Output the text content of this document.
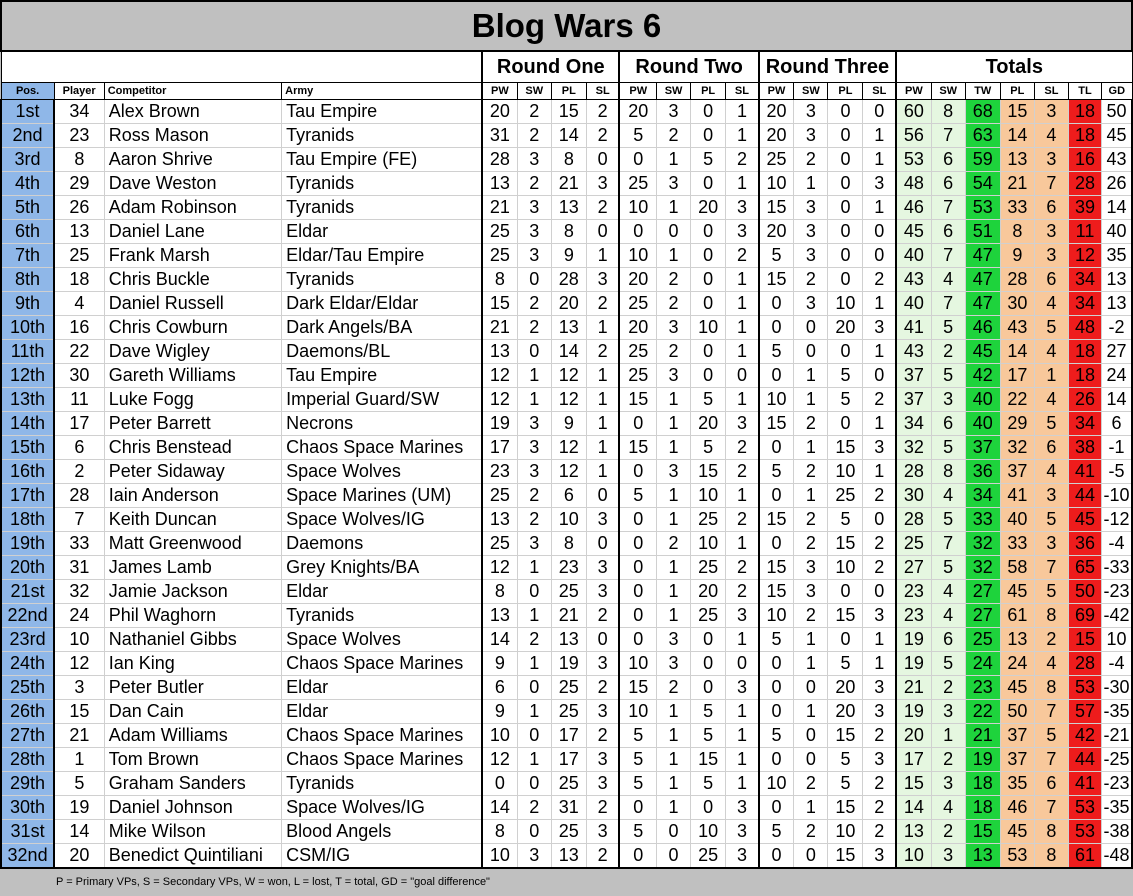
Blog Wars 6																						
				Round One				Round Two				Round Three				Totals						
Pos.	Player	Competitor	Army	PW	SW	PL	SL	PW	SW	PL	SL	PW	SW	PL	SL	PW	SW	TW	PL	SL	TL	GD
1st	34	Alex Brown	Tau Empire	20	2	15	2	20	3	0	1	20	3	0	0	60	8	68	15	3	18	50
2nd	23	Ross Mason	Tyranids	31	2	14	2	5	2	0	1	20	3	0	1	56	7	63	14	4	18	45
3rd	8	Aaron Shrive	Tau Empire (FE)	28	3	8	0	0	1	5	2	25	2	0	1	53	6	59	13	3	16	43
4th	29	Dave Weston	Tyranids	13	2	21	3	25	3	0	1	10	1	0	3	48	6	54	21	7	28	26
5th	26	Adam Robinson	Tyranids	21	3	13	2	10	1	20	3	15	3	0	1	46	7	53	33	6	39	14
6th	13	Daniel Lane	Eldar	25	3	8	0	0	0	0	3	20	3	0	0	45	6	51	8	3	11	40
7th	25	Frank Marsh	Eldar/Tau Empire	25	3	9	1	10	1	0	2	5	3	0	0	40	7	47	9	3	12	35
8th	18	Chris Buckle	Tyranids	8	0	28	3	20	2	0	1	15	2	0	2	43	4	47	28	6	34	13
9th	4	Daniel Russell	Dark Eldar/Eldar	15	2	20	2	25	2	0	1	0	3	10	1	40	7	47	30	4	34	13
10th	16	Chris Cowburn	Dark Angels/BA	21	2	13	1	20	3	10	1	0	0	20	3	41	5	46	43	5	48	-2
11th	22	Dave Wigley	Daemons/BL	13	0	14	2	25	2	0	1	5	0	0	1	43	2	45	14	4	18	27
12th	30	Gareth Williams	Tau Empire	12	1	12	1	25	3	0	0	0	1	5	0	37	5	42	17	1	18	24
13th	11	Luke Fogg	Imperial Guard/SW	12	1	12	1	15	1	5	1	10	1	5	2	37	3	40	22	4	26	14
14th	17	Peter Barrett	Necrons	19	3	9	1	0	1	20	3	15	2	0	1	34	6	40	29	5	34	6
15th	6	Chris Benstead	Chaos Space Marines	17	3	12	1	15	1	5	2	0	1	15	3	32	5	37	32	6	38	-1
16th	2	Peter Sidaway	Space Wolves	23	3	12	1	0	3	15	2	5	2	10	1	28	8	36	37	4	41	-5
17th	28	Iain Anderson	Space Marines (UM)	25	2	6	0	5	1	10	1	0	1	25	2	30	4	34	41	3	44	-10
18th	7	Keith Duncan	Space Wolves/IG	13	2	10	3	0	1	25	2	15	2	5	0	28	5	33	40	5	45	-12
19th	33	Matt Greenwood	Daemons	25	3	8	0	0	2	10	1	0	2	15	2	25	7	32	33	3	36	-4
20th	31	James Lamb	Grey Knights/BA	12	1	23	3	0	1	25	2	15	3	10	2	27	5	32	58	7	65	-33
21st	32	Jamie Jackson	Eldar	8	0	25	3	0	1	20	2	15	3	0	0	23	4	27	45	5	50	-23
22nd	24	Phil Waghorn	Tyranids	13	1	21	2	0	1	25	3	10	2	15	3	23	4	27	61	8	69	-42
23rd	10	Nathaniel Gibbs	Space Wolves	14	2	13	0	0	3	0	1	5	1	0	1	19	6	25	13	2	15	10
24th	12	Ian King	Chaos Space Marines	9	1	19	3	10	3	0	0	0	1	5	1	19	5	24	24	4	28	-4
25th	3	Peter Butler	Eldar	6	0	25	2	15	2	0	3	0	0	20	3	21	2	23	45	8	53	-30
26th	15	Dan Cain	Eldar	9	1	25	3	10	1	5	1	0	1	20	3	19	3	22	50	7	57	-35
27th	21	Adam Williams	Chaos Space Marines	10	0	17	2	5	1	5	1	5	0	15	2	20	1	21	37	5	42	-21
28th	1	Tom Brown	Chaos Space Marines	12	1	17	3	5	1	15	1	0	0	5	3	17	2	19	37	7	44	-25
29th	5	Graham Sanders	Tyranids	0	0	25	3	5	1	5	1	10	2	5	2	15	3	18	35	6	41	-23
30th	19	Daniel Johnson	Space Wolves/IG	14	2	31	2	0	1	0	3	0	1	15	2	14	4	18	46	7	53	-35
31st	14	Mike Wilson	Blood Angels	8	0	25	3	5	0	10	3	5	2	10	2	13	2	15	45	8	53	-38
32nd	20	Benedict Quintiliani	CSM/IG	10	3	13	2	0	0	25	3	0	0	15	3	10	3	13	53	8	61	-48
P = Primary VPs, S = Secondary VPs, W = won, L = lost, T = total, GD = "goal difference"
